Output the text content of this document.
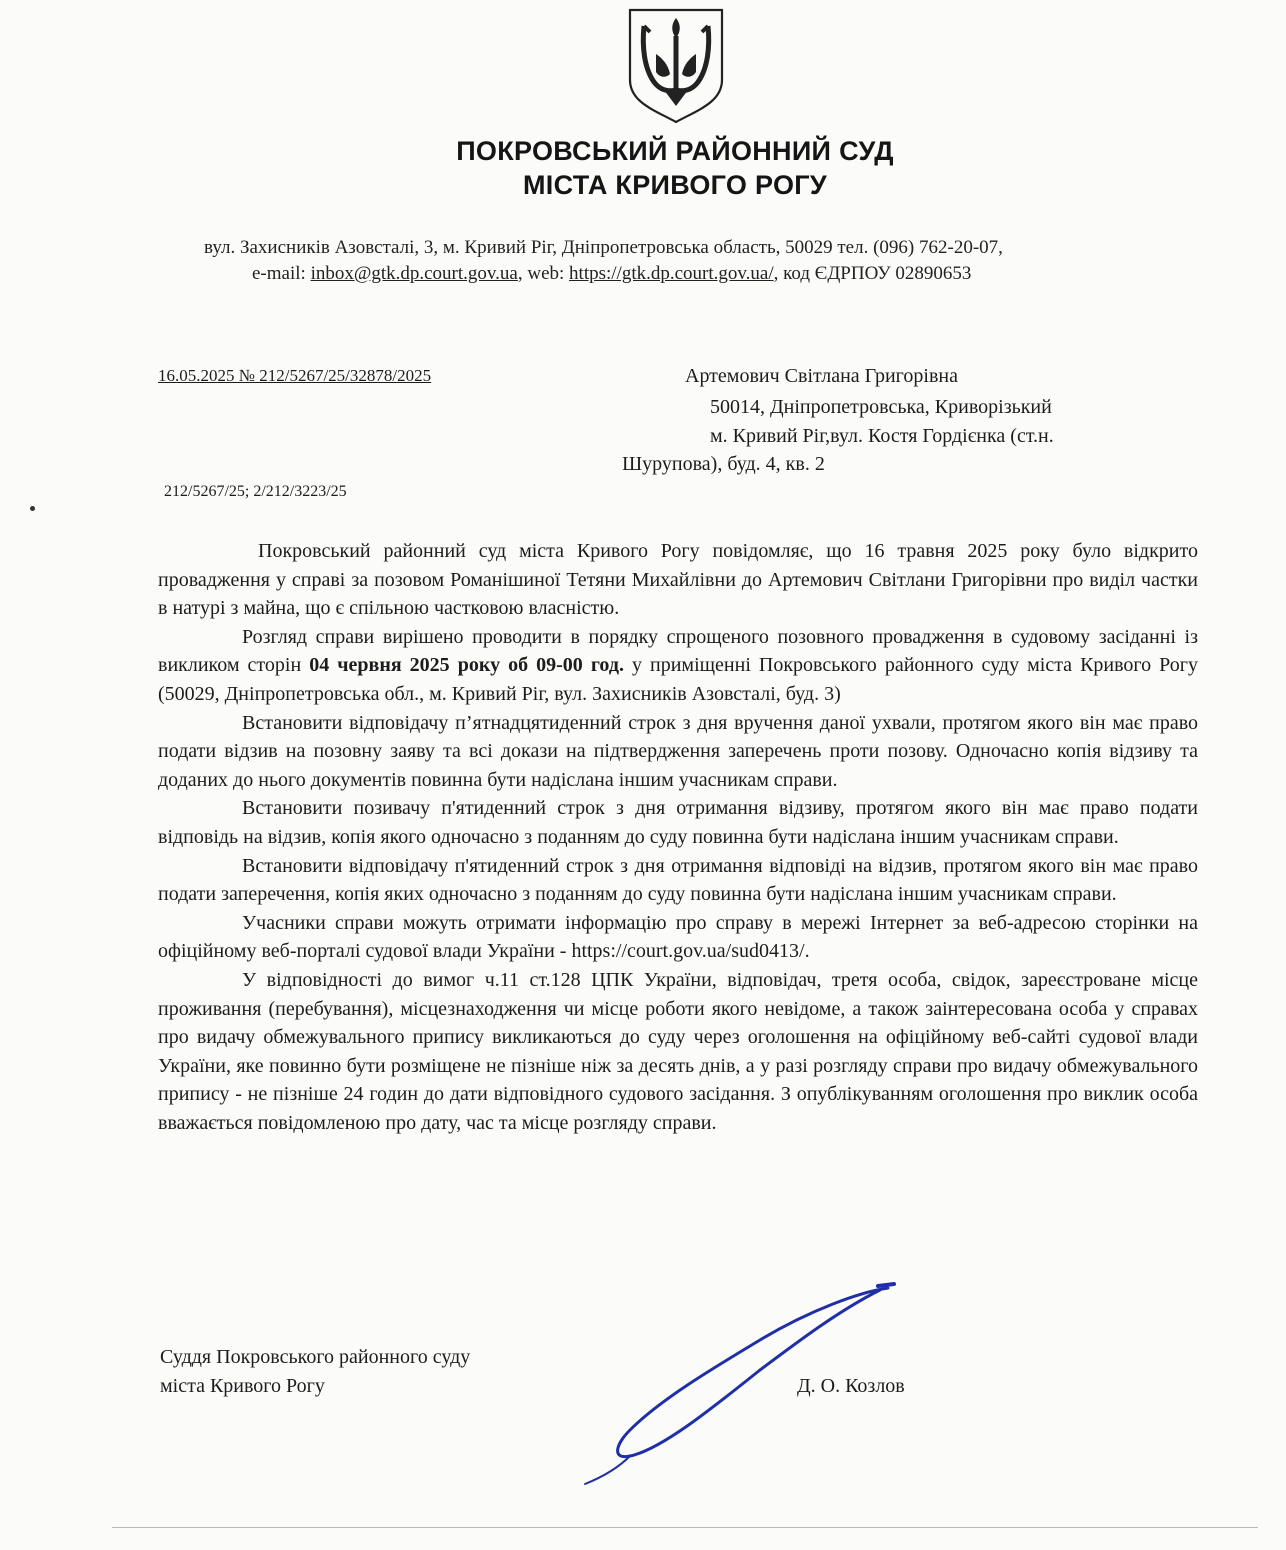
ПОКРОВСЬКИЙ РАЙОННИЙ СУД
МІСТА КРИВОГО РОГУ
вул. Захисників Азовсталі, 3, м. Кривий Ріг, Дніпропетровська область, 50029 тел. (096) 762-20-07,
e-mail: inbox@gtk.dp.court.gov.ua, web: https://gtk.dp.court.gov.ua/, код ЄДРПОУ 02890653
16.05.2025 № 212/5267/25/32878/2025
212/5267/25; 2/212/3223/25
Артемович Світлана Григорівна
50014, Дніпропетровська, Криворізький
м. Кривий Ріг,вул. Костя Гордієнка (ст.н.
Шурупова), буд. 4, кв. 2

Покровський районний суд міста Кривого Рогу повідомляє, що 16 травня 2025 року було відкрито провадження у справі за позовом Романішиної Тетяни Михайлівни до Артемович Світлани Григорівни про виділ частки в натурі з майна, що є спільною частковою власністю.

Розгляд справи вирішено проводити в порядку спрощеного позовного провадження в судовому засіданні із викликом сторін 04 червня 2025 року об 09-00 год. у приміщенні Покровського районного суду міста Кривого Рогу (50029, Дніпропетровська обл., м. Кривий Ріг, вул. Захисників Азовсталі, буд. 3)

Встановити відповідачу п’ятнадцятиденний строк з дня вручення даної ухвали, протягом якого він має право подати відзив на позовну заяву та всі докази на підтвердження заперечень проти позову. Одночасно копія відзиву та доданих до нього документів повинна бути надіслана іншим учасникам справи.

Встановити позивачу п'ятиденний строк з дня отримання відзиву, протягом якого він має право подати відповідь на відзив, копія якого одночасно з поданням до суду повинна бути надіслана іншим учасникам справи.

Встановити відповідачу п'ятиденний строк з дня отримання відповіді на відзив, протягом якого він має право подати заперечення, копія яких одночасно з поданням до суду повинна бути надіслана іншим учасникам справи.

Учасники справи можуть отримати інформацію про справу в мережі Інтернет за веб-адресою сторінки на офіційному веб-порталі судової влади України - https://court.gov.ua/sud0413/.

У відповідності до вимог ч.11 ст.128 ЦПК України, відповідач, третя особа, свідок, зареєстроване місце проживання (перебування), місцезнаходження чи місце роботи якого невідоме, а також заінтересована особа у справах про видачу обмежувального припису викликаються до суду через оголошення на офіційному веб-сайті судової влади України, яке повинно бути розміщене не пізніше ніж за десять днів, а у разі розгляду справи про видачу обмежувального припису - не пізніше 24 годин до дати відповідного судового засідання. З опублікуванням оголошення про виклик особа вважається повідомленою про дату, час та місце розгляду справи.

Суддя Покровського районного суду
міста Кривого Рогу	Д. О. Козлов
